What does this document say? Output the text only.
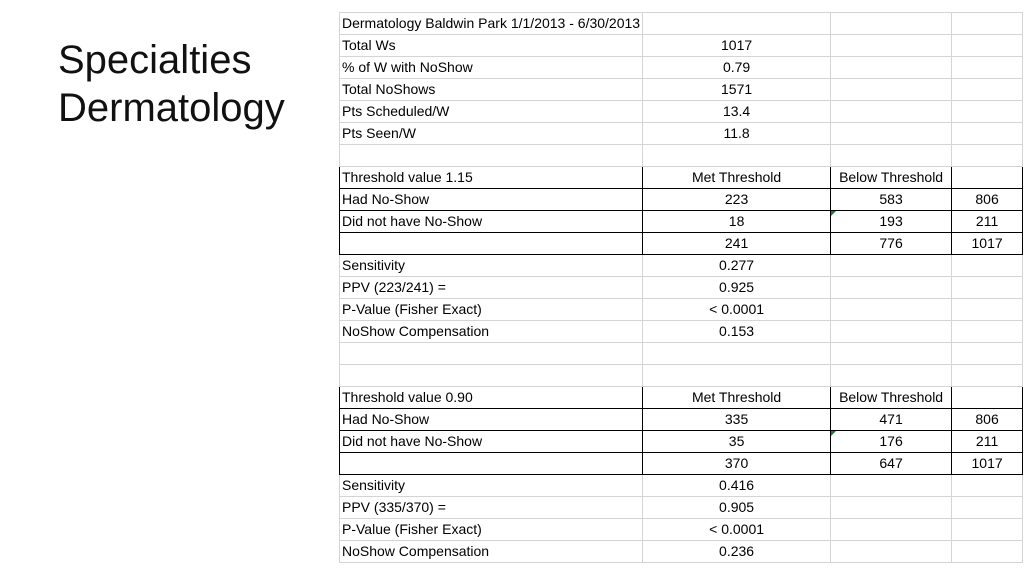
Specialties
Dermatology
Dermatology Baldwin Park 1/1/2013 - 6/30/2013			
Total Ws	1017		
% of W with NoShow	0.79		
Total NoShows	1571		
Pts Scheduled/W	13.4		
Pts Seen/W	11.8		

Threshold value 1.15	Met Threshold	Below Threshold	
Had No-Show	223	583	806
Did not have No-Show	18	193	211
	241	776	1017
Sensitivity	0.277		
PPV (223/241) =	0.925		
P-Value (Fisher Exact)	< 0.0001		
NoShow Compensation	0.153		

Threshold value 0.90	Met Threshold	Below Threshold	
Had No-Show	335	471	806
Did not have No-Show	35	176	211
	370	647	1017
Sensitivity	0.416		
PPV (335/370) =	0.905		
P-Value (Fisher Exact)	< 0.0001		
NoShow Compensation	0.236		
